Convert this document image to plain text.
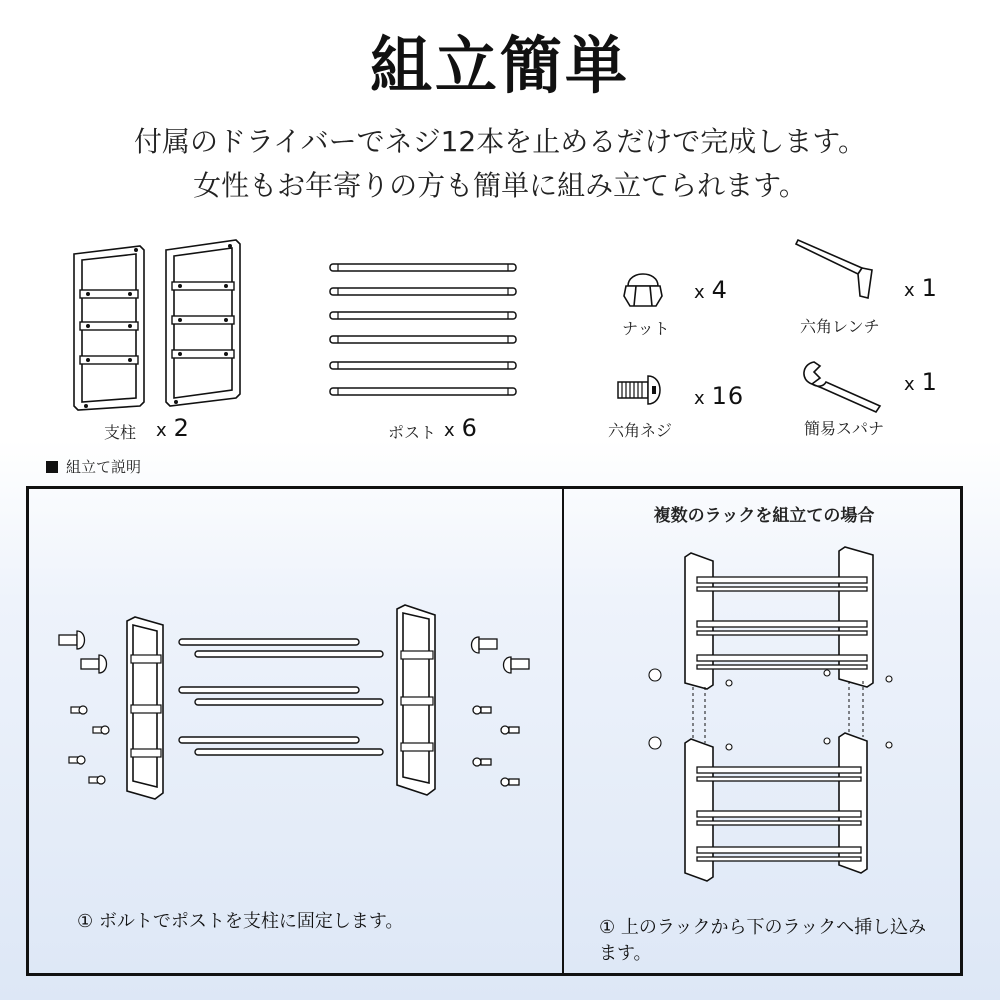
組立簡単
付属のドライバーでネジ12本を止めるだけで完成します。
女性もお年寄りの方も簡単に組み立てられます。
支柱 x 2	ポスト x 6
ナット
x 4
六角ネジ
x 16
六角レンチ
x 1
簡易スパナ
x 1
組立て説明
複数のラックを組立ての場合
① ボルトでポストを支柱に固定します。	① 上のラックから下のラックへ挿し込みます。
